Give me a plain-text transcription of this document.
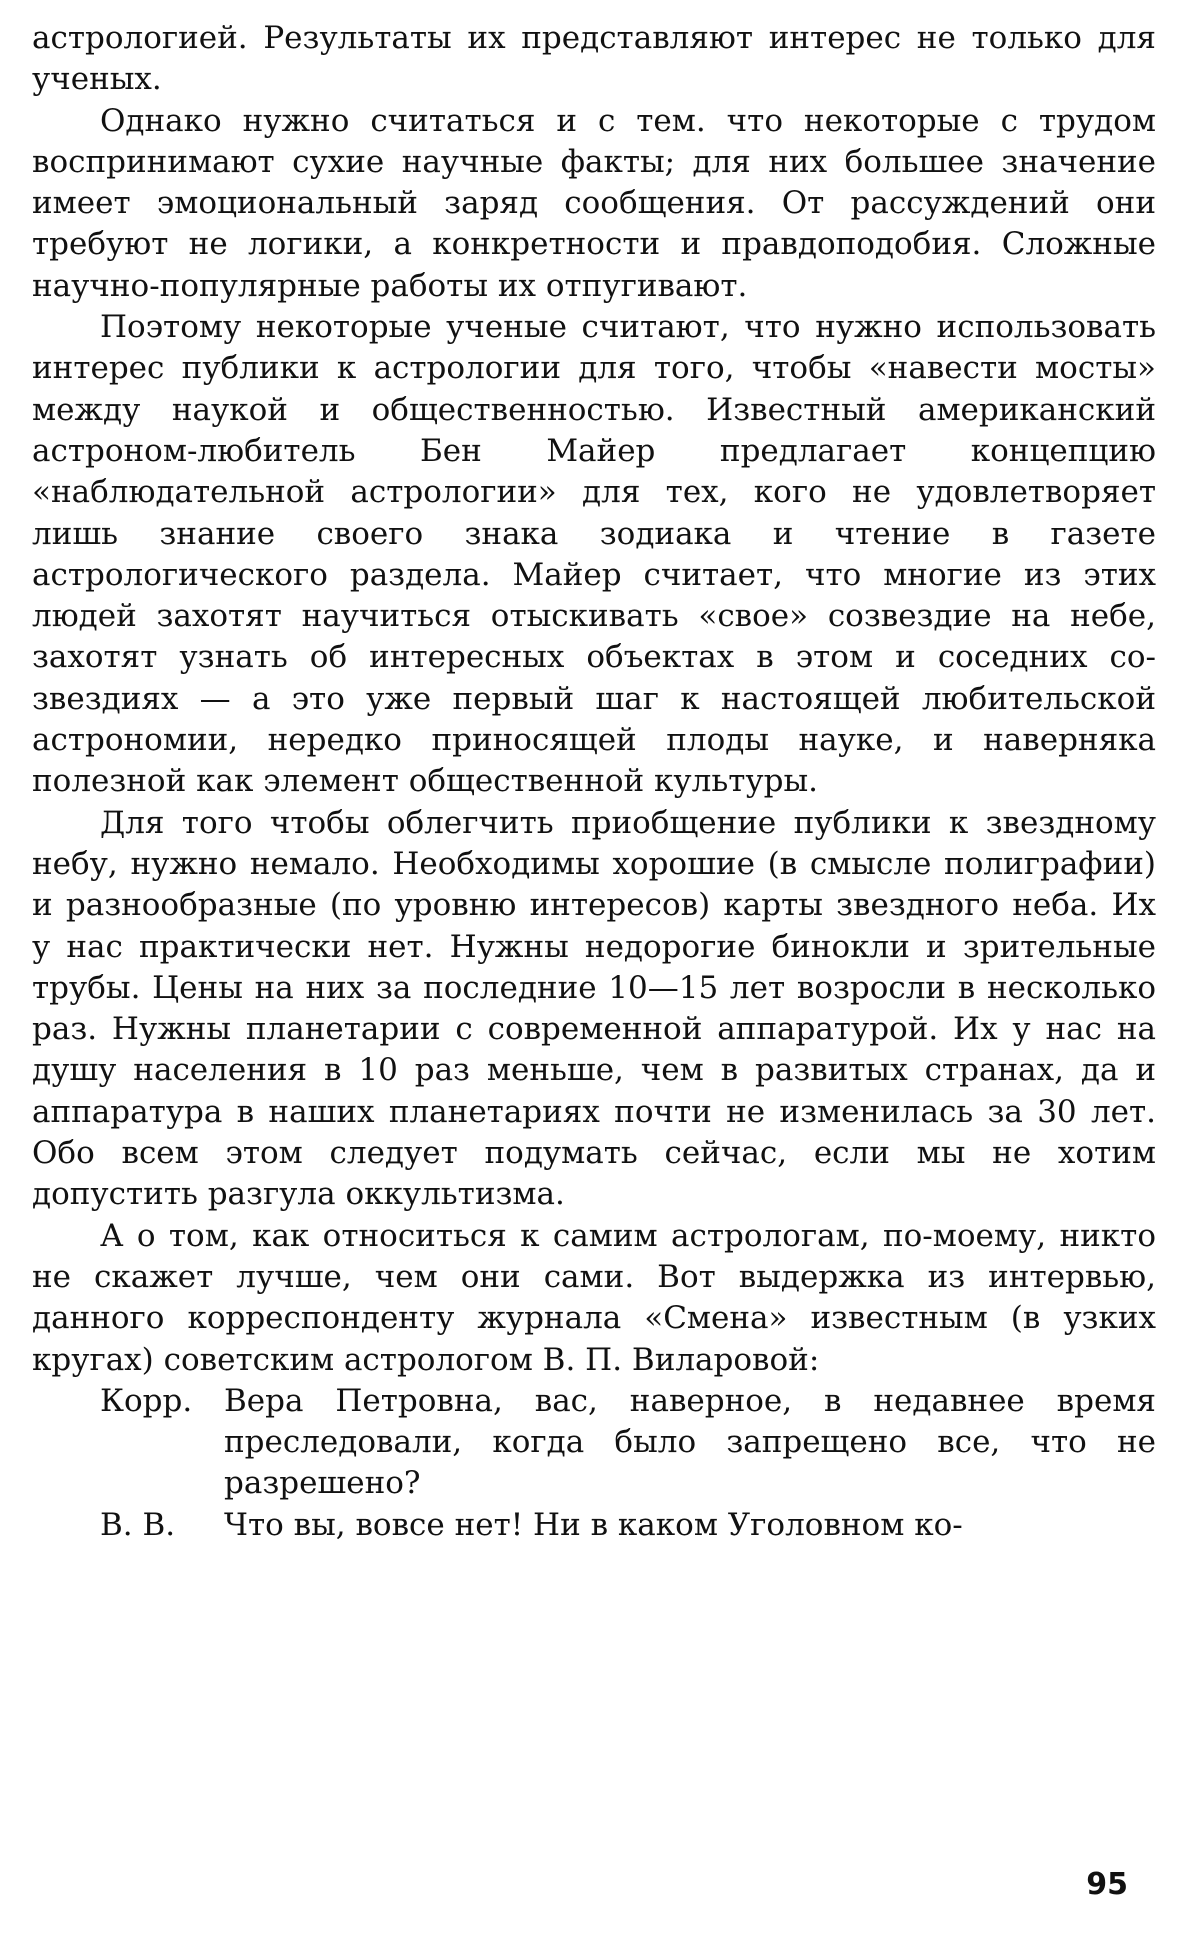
астрологией. Результаты их представляют интерес не только для ученых.

Однако нужно считаться и с тем. что некоторые с трудом воспринимают сухие научные факты; для них большее значение имеет эмоциональный заряд сообщения. От рассуждений они требуют не логики, а конкретности и правдоподобия. Сложные научно-популярные работы их отпугивают.

Поэтому некоторые ученые считают, что нужно использовать интерес публики к астрологии для того, чтобы «навести мосты» между наукой и общественностью. Известный американский астроном-любитель Бен Майер предлагает концепцию «наблюдательной астрологии» для тех, кого не удовлетворяет лишь знание своего знака зодиака и чтение в газете астрологического раздела. Майер считает, что многие из этих людей захотят научиться отыскивать «свое» созвездие на небе, захотят узнать об интересных объектах в этом и соседних созвездиях — а это уже первый шаг к настоящей любительской астрономии, нередко приносящей плоды науке, и наверняка полезной как элемент общественной культуры.

Для того чтобы облегчить приобщение публики к звездному небу, нужно немало. Необходимы хорошие (в смысле полиграфии) и разнообразные (по уровню интересов) карты звездного неба. Их у нас практически нет. Нужны недорогие бинокли и зрительные трубы. Цены на них за последние 10—15 лет возросли в несколько раз. Нужны планетарии с современной аппаратурой. Их у нас на душу населения в 10 раз меньше, чем в развитых странах, да и аппаратура в наших планетариях почти не изменилась за 30 лет. Обо всем этом следует подумать сейчас, если мы не хотим допустить разгула оккультизма.

А о том, как относиться к самим астрологам, по-моему, никто не скажет лучше, чем они сами. Вот выдержка из интервью, данного корреспонденту журнала «Смена» известным (в узких кругах) советским астрологом В. П. Виларовой:

Корр.	Вера Петровна, вас, наверное, в недавнее время преследовали, когда было запрещено все, что не разрешено?
В. В.	Что вы, вовсе нет! Ни в каком Уголовном ко-
95
